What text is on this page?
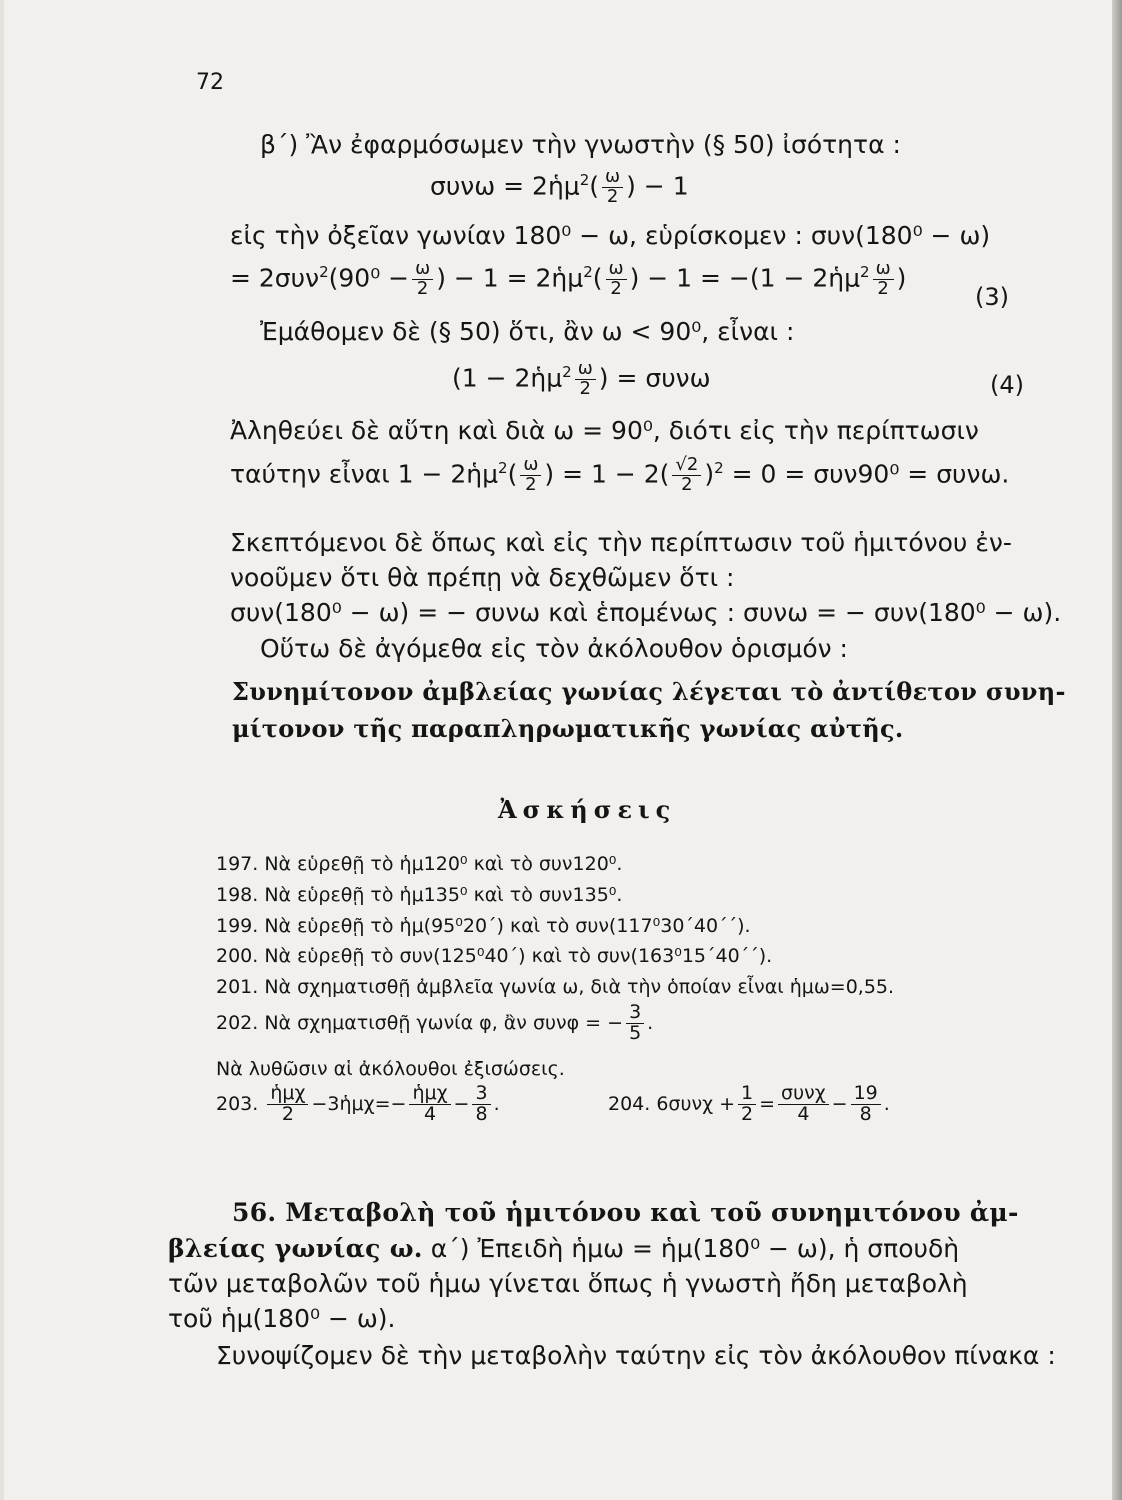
72
β΄) Ἂν ἐφαρμόσωμεν τὴν γνωστὴν (§ 50) ἰσότητα :
συνω = 2ἡμ$^2$( $\frac{\omega}{2}$ ) − 1
εἰς τὴν ὀξεῖαν γωνίαν 180⁰ − ω, εὑρίσκομεν : συν(180⁰ − ω)
= $2\sigma\upsilon\nu^2(90^0 - \frac{\omega}{2}$ ) − 1 = 2ἡμ$^2$( $\frac{\omega}{2}$ ) − 1 = −(1 − 2ἡμ$^2$ $\frac{\omega}{2}$ )
(3)
Ἐμάθομεν δὲ (§ 50) ὅτι, ἂν ω < 90⁰, εἶναι :
(1 − 2ἡμ$^2$ $\frac{\omega}{2}$ ) = συνω	(4)
Ἀληθεύει δὲ αὕτη καὶ διὰ ω = 90⁰, διότι εἰς τὴν περίπτωσιν
ταύτην εἶναι 1 − 2ἡμ$^2$( $\frac{\omega}{2}$ ) = $1 - 2( \frac{√2}{2} )^2 = 0 = \sigma\upsilon\nu 90^0 = \sigma\upsilon\nu\omega$.
Σκεπτόμενοι δὲ ὅπως καὶ εἰς τὴν περίπτωσιν τοῦ ἡμιτόνου ἐν-
νοοῦμεν ὅτι θὰ πρέπῃ νὰ δεχθῶμεν ὅτι :
συν(180⁰ − ω) = − συνω καὶ ἑπομένως : συνω = − συν(180⁰ − ω).
Οὕτω δὲ ἀγόμεθα εἰς τὸν ἀκόλουθον ὁρισμόν :
Συνημίτονον ἀμβλείας γωνίας λέγεται τὸ ἀντίθετον συνη-
μίτονον τῆς παραπληρωματικῆς γωνίας αὐτῆς.
Ἀσκήσεις
197. Νὰ εὑρεθῇ τὸ ἡμ120⁰ καὶ τὸ συν120⁰.
198. Νὰ εὑρεθῇ τὸ ἡμ135⁰ καὶ τὸ συν135⁰.
199. Νὰ εὑρεθῇ τὸ ἡμ(95⁰20΄) καὶ τὸ συν(117⁰30΄40΄΄).
200. Νὰ εὑρεθῇ τὸ συν(125⁰40΄) καὶ τὸ συν(163⁰15΄40΄΄).
201. Νὰ σχηματισθῇ ἀμβλεῖα γωνία ω, διὰ τὴν ὁποίαν εἶναι ἡμω=0,55.
202. Νὰ σχηματισθῇ γωνία φ, ἂν συνφ = − $\frac{3}{5}$ .
Νὰ λυθῶσιν αἱ ἀκόλουθοι ἐξισώσεις.
203. $\frac{\text{ἡμχ}}{2}$ −3ἡμχ=− $\frac{\text{ἡμχ}}{4} - \frac{3}{8}$ .	204. $6\sigma\upsilon\nu\chi + \frac{1}{2} = \frac{\text{συνχ}}{4} - \frac{19}{8}$ .
56. Μεταβολὴ τοῦ ἡμιτόνου καὶ τοῦ συνημιτόνου ἀμ-
βλείας γωνίας ω. α΄) Ἐπειδὴ ἡμω = ἡμ(180⁰ − ω), ἡ σπουδὴ
τῶν μεταβολῶν τοῦ ἡμω γίνεται ὅπως ἡ γνωστὴ ἤδη μεταβολὴ
τοῦ ἡμ(180⁰ − ω).
Συνοψίζομεν δὲ τὴν μεταβολὴν ταύτην εἰς τὸν ἀκόλουθον πίνακα :
